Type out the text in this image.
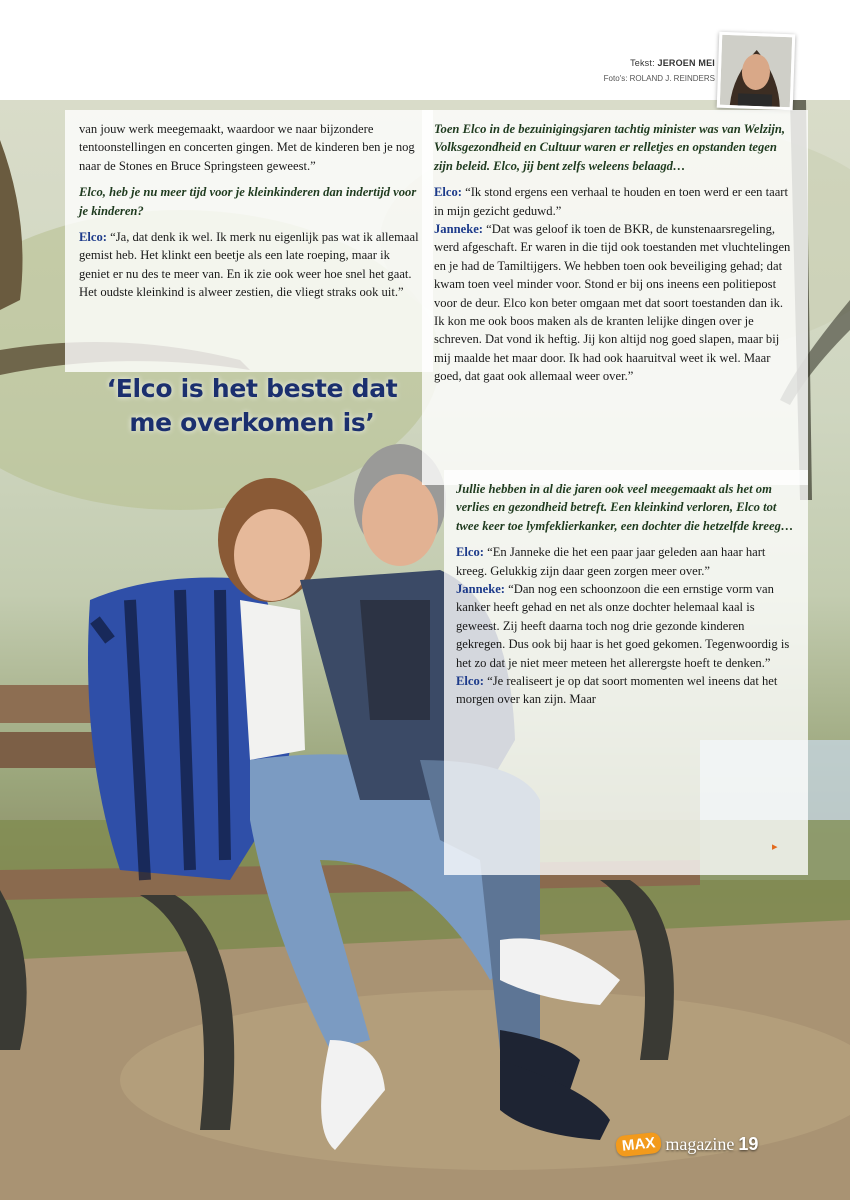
Tekst: JEROEN MEI
Foto's: ROLAND J. REINDERS

van jouw werk meegemaakt, waardoor we naar bijzondere tentoonstellingen en concerten gingen. Met de kinderen ben je nog naar de Stones en Bruce Springsteen geweest.”

Elco, heb je nu meer tijd voor je kleinkinderen dan indertijd voor je kinderen?

Elco: “Ja, dat denk ik wel. Ik merk nu eigenlijk pas wat ik allemaal gemist heb. Het klinkt een beetje als een late roeping, maar ik geniet er nu des te meer van. En ik zie ook weer hoe snel het gaat. Het oudste kleinkind is alweer zestien, die vliegt straks ook uit.”

‘Elco is het beste dat me overkomen is’

Toen Elco in de bezuinigingsjaren tachtig minister was van Welzijn, Volksgezondheid en Cultuur waren er relletjes en opstanden tegen zijn beleid. Elco, jij bent zelfs weleens belaagd…

Elco: “Ik stond ergens een verhaal te houden en toen werd er een taart in mijn gezicht geduwd.”

Janneke: “Dat was geloof ik toen de BKR, de kunstenaarsregeling, werd afgeschaft. Er waren in die tijd ook toestanden met vluchtelingen en je had de Tamiltijgers. We hebben toen ook beveiliging gehad; dat kwam toen veel minder voor. Stond er bij ons ineens een politiepost voor de deur. Elco kon beter omgaan met dat soort toestanden dan ik. Ik kon me ook boos maken als de kranten lelijke dingen over je schreven. Dat vond ik heftig. Jij kon altijd nog goed slapen, maar bij mij maalde het maar door. Ik had ook haaruitval weet ik wel. Maar goed, dat gaat ook allemaal weer over.”

Jullie hebben in al die jaren ook veel meegemaakt als het om verlies en gezondheid betreft. Een kleinkind verloren, Elco tot twee keer toe lymfeklierkanker, een dochter die hetzelfde kreeg…

Elco: “En Janneke die het een paar jaar geleden aan haar hart kreeg. Gelukkig zijn daar geen zorgen meer over.”

Janneke: “Dan nog een schoonzoon die een ernstige vorm van kanker heeft gehad en net als onze dochter helemaal kaal is geweest. Zij heeft daarna toch nog drie gezonde kinderen gekregen. Dus ook bij haar is het goed gekomen. Tegenwoordig is het zo dat je niet meer meteen het allerergste hoeft te denken.”

Elco: “Je realiseert je op dat soort momenten wel ineens dat het morgen over kan zijn. Maar

▸
MAX magazine 19
